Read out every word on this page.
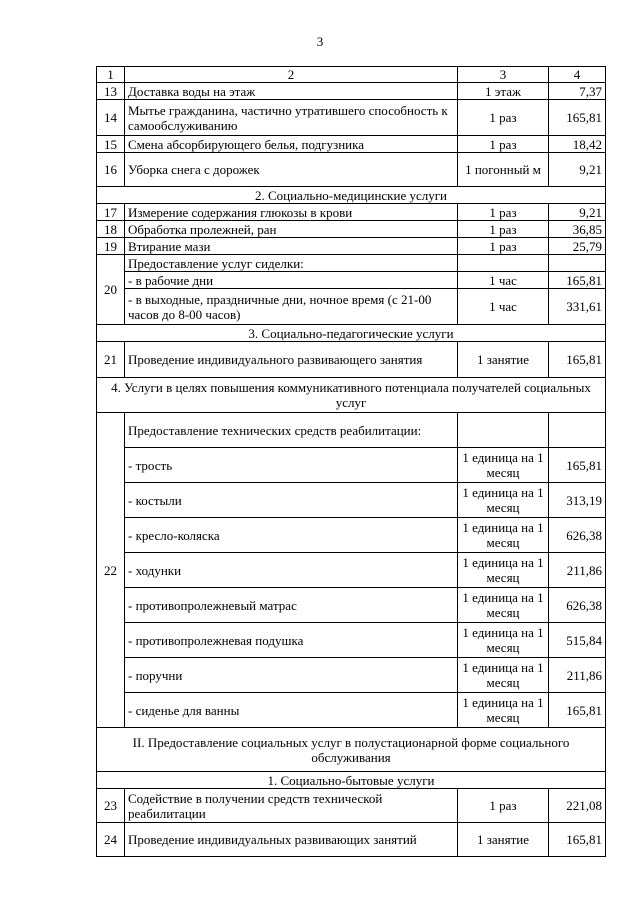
3
1	2	3	4
13	Доставка воды на этаж	1 этаж	7,37
14	Мытье гражданина, частично утратившего способность к самообслуживанию	1 раз	165,81
15	Смена абсорбирующего белья, подгузника	1 раз	18,42
16	Уборка снега с дорожек	1 погонный м	9,21
2. Социально-медицинские услуги			
17	Измерение содержания глюкозы в крови	1 раз	9,21
18	Обработка пролежней, ран	1 раз	36,85
19	Втирание мази	1 раз	25,79
20	Предоставление услуг сиделки:		
	- в рабочие дни	1 час	165,81
	- в выходные, праздничные дни, ночное время (с 21-00 часов до 8-00 часов)	1 час	331,61
3. Социально-педагогические услуги			
21	Проведение индивидуального развивающего занятия	1 занятие	165,81
4. Услуги в целях повышения коммуникативного потенциала получателей социальных услуг			
22	Предоставление технических средств реабилитации:		
	- трость	1 единица на 1 месяц	165,81
	- костыли	1 единица на 1 месяц	313,19
	- кресло-коляска	1 единица на 1 месяц	626,38
	- ходунки	1 единица на 1 месяц	211,86
	- противопролежневый матрас	1 единица на 1 месяц	626,38
	- противопролежневая подушка	1 единица на 1 месяц	515,84
	- поручни	1 единица на 1 месяц	211,86
	- сиденье для ванны	1 единица на 1 месяц	165,81
II. Предоставление социальных услуг в полустационарной форме социального обслуживания			
1. Социально-бытовые услуги			
23	Содействие в получении средств технической реабилитации	1 раз	221,08
24	Проведение индивидуальных развивающих занятий	1 занятие	165,81
